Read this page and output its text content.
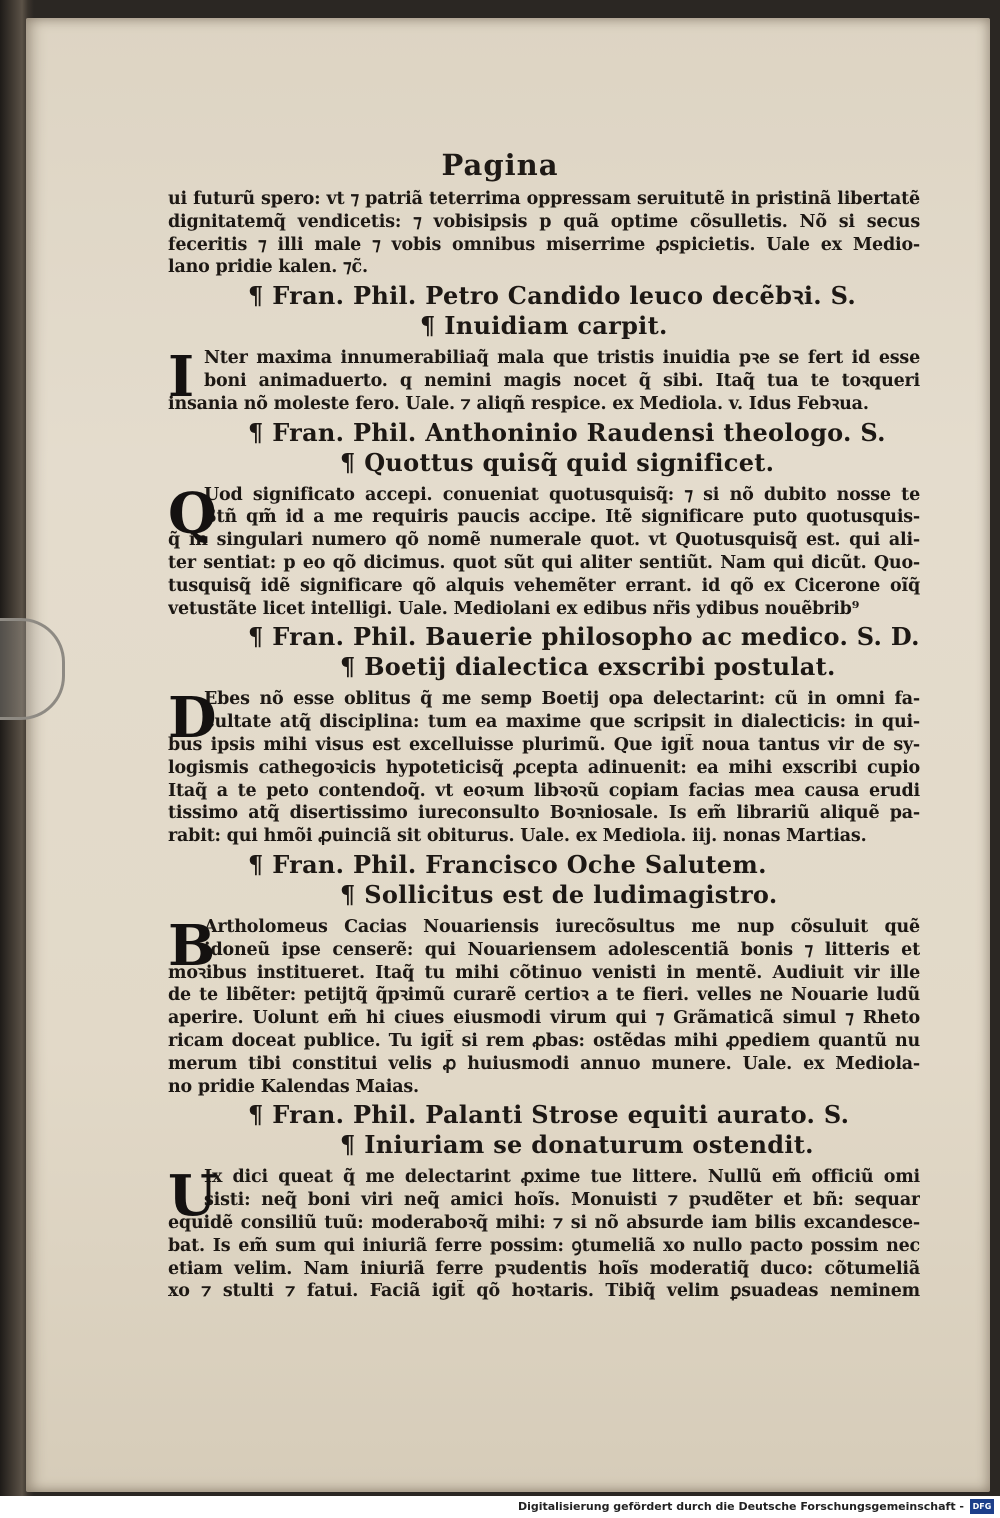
Pagina
ui futurũ spero: vt ⁊ patriã teterrima oppressam seruitutẽ in pristinã libertatẽ
dignitatemq̃ vendicetis: ⁊ vobisipsis p quã optime cõsulletis. Nõ si secus
feceritis ⁊ illi male ⁊ vobis omnibus miserrime ꝓspicietis. Uale ex Medio-
lano pridie kalen. ⁊c̃.
¶ Fran. Phil. Petro Candido leuco decẽbꝛi. S.
¶ Inuidiam carpit.
I Nter maxima innumerabiliaq̃ mala que tristis inuidia pꝛe se fert id esse
boni animaduerto. q nemini magis nocet q̃ sibi. Itaq̃ tua te toꝛqueri
insania nõ moleste fero. Uale. ⁊ aliqñ respice. ex Mediola. v. Idus Febꝛua.
¶ Fran. Phil. Anthoninio Raudensi theologo. S.
¶ Quottus quisq̃ quid significet.
Q
Uod significato accepi. conueniat quotusquisq̃: ⁊ si nõ dubito nosse te
Stñ qm̃ id a me requiris paucis accipe. Itẽ significare puto quotusquis-
q̃ in singulari numero qõ nomẽ numerale quot. vt Quotusquisq̃ est. qui ali-
ter sentiat: p eo qõ dicimus. quot sũt qui aliter sentiũt. Nam qui dicũt. Quo-
tusquisq̃ idẽ significare qõ alquis vehemẽter errant. id qõ ex Cicerone oĩq̃
vetustãte licet intelligi. Uale. Mediolani ex edibus nr̃is ydibus nouẽbrib⁹
¶ Fran. Phil. Bauerie philosopho ac medico. S. D.
¶ Boetij dialectica exscribi postulat.
D
Ebes nõ esse oblitus q̃ me semp Boetij opa delectarint: cũ in omni fa-
cultate atq̃ disciplina: tum ea maxime que scripsit in dialecticis: in qui-
bus ipsis mihi visus est excelluisse plurimũ. Que igit̃ noua tantus vir de sy-
logismis cathegoꝛicis hypoteticisq̃ ꝓcepta adinuenit: ea mihi exscribi cupio
Itaq̃ a te peto contendoq̃. vt eoꝛum libꝛoꝛũ copiam facias mea causa erudi
tissimo atq̃ disertissimo iureconsulto Boꝛniosale. Is em̃ librariũ aliquẽ pa-
rabit: qui hmõi ꝓuinciã sit obiturus. Uale. ex Mediola. iij. nonas Martias.
¶ Fran. Phil. Francisco Oche Salutem.
¶ Sollicitus est de ludimagistro.
B
Artholomeus Cacias Nouariensis iurecõsultus me nup cõsuluit quẽ
idoneũ ipse censerẽ: qui Nouariensem adolescentiã bonis ⁊ litteris et
moꝛibus institueret. Itaq̃ tu mihi cõtinuo venisti in mentẽ. Audiuit vir ille
de te libẽter: petijtq̃ q̃pꝛimũ curarẽ certioꝛ a te fieri. velles ne Nouarie ludũ
aperire. Uolunt em̃ hi ciues eiusmodi virum qui ⁊ Grãmaticã simul ⁊ Rheto
ricam doceat publice. Tu igit̃ si rem ꝓbas: ostẽdas mihi ꝓpediem quantũ nu
merum tibi constitui velis ꝓ huiusmodi annuo munere. Uale. ex Mediola-
no pridie Kalendas Maias.
¶ Fran. Phil. Palanti Strose equiti aurato. S.
¶ Iniuriam se donaturum ostendit.
U
Ix dici queat q̃ me delectarint ꝓxime tue littere. Nullũ em̃ officiũ omi
sisti: neq̃ boni viri neq̃ amici hoĩs. Monuisti ⁊ pꝛudẽter et bñ: sequar
equidẽ consiliũ tuũ: moderaboꝛq̃ mihi: ⁊ si nõ absurde iam bilis excandesce-
bat. Is em̃ sum qui iniuriã ferre possim: ꝯtumeliã xo nullo pacto possim nec
etiam velim. Nam iniuriã ferre pꝛudentis hoĩs moderatiq̃ duco: cõtumeliã
xo ⁊ stulti ⁊ fatui. Faciã igit̃ qõ hoꝛtaris. Tibiq̃ velim ꝑsuadeas neminem
Digitalisierung gefördert durch die Deutsche Forschungsgemeinschaft -	DFG
